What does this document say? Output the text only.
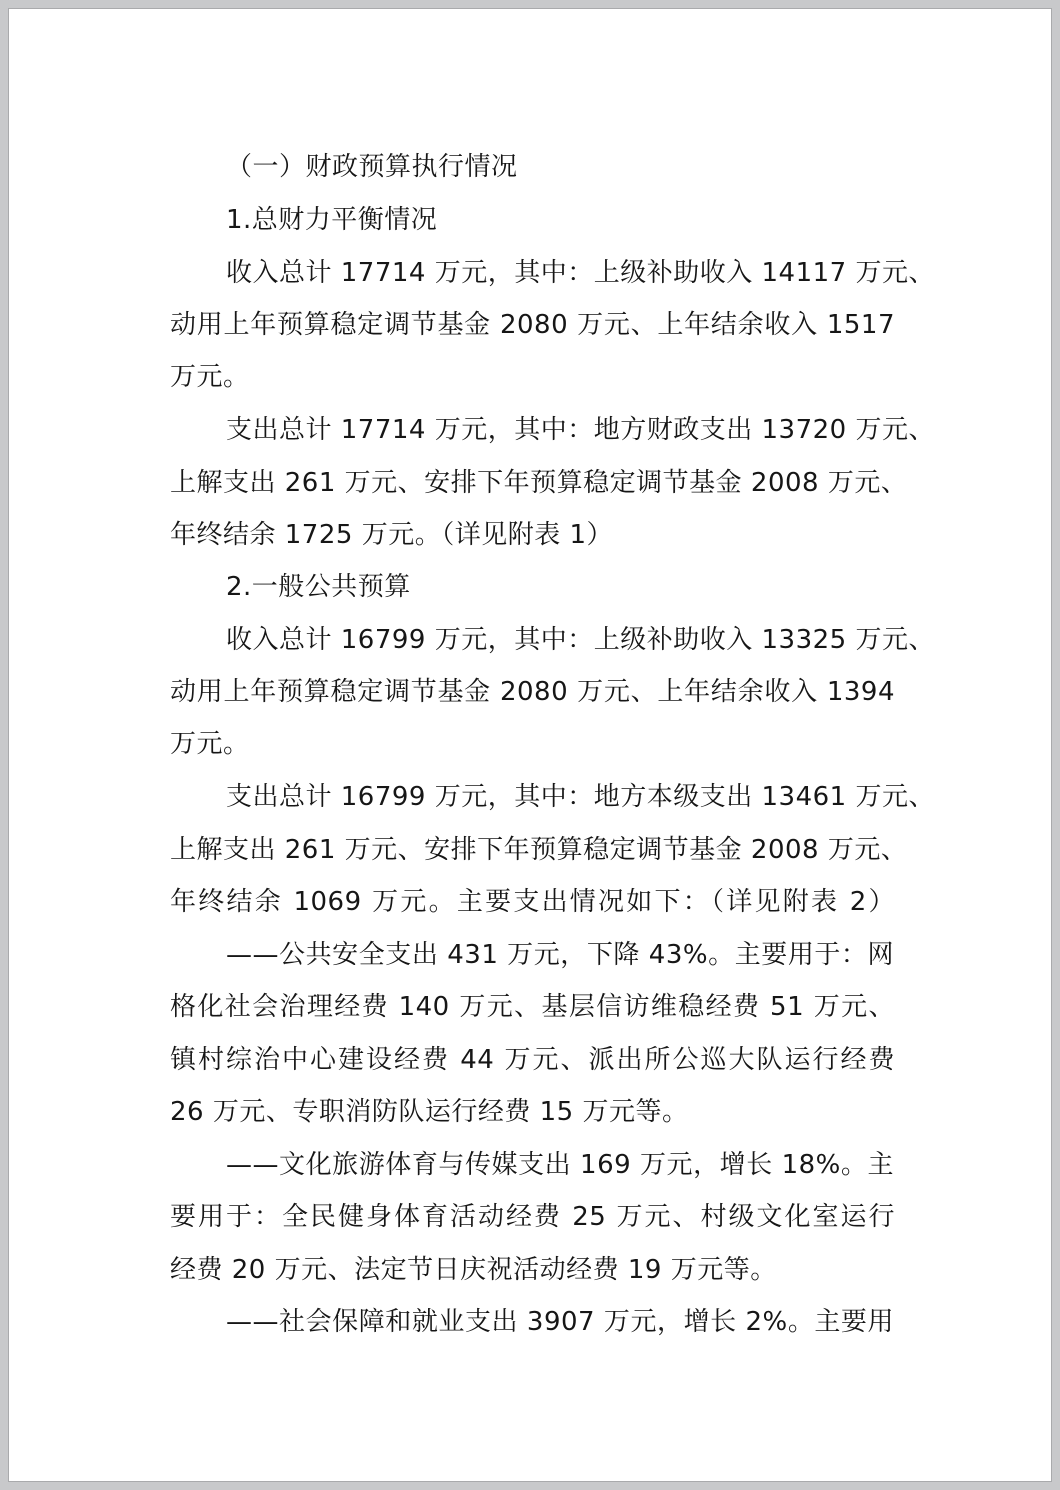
（一）财政预算执行情况
1.总财力平衡情况
收入总计 17714 万元，其中：上级补助收入 14117 万元、
动用上年预算稳定调节基金 2080 万元、上年结余收入 1517
万元。
支出总计 17714 万元，其中：地方财政支出 13720 万元、
上解支出 261 万元、安排下年预算稳定调节基金 2008 万元、
年终结余 1725 万元。（详见附表 1）
2.一般公共预算
收入总计 16799 万元，其中：上级补助收入 13325 万元、
动用上年预算稳定调节基金 2080 万元、上年结余收入 1394
万元。
支出总计 16799 万元，其中：地方本级支出 13461 万元、
上解支出 261 万元、安排下年预算稳定调节基金 2008 万元、
年终结余 1069 万元。主要支出情况如下：（详见附表 2）
——公共安全支出 431 万元，下降 43%。主要用于：网
格化社会治理经费 140 万元、基层信访维稳经费 51 万元、
镇村综治中心建设经费 44 万元、派出所公巡大队运行经费
26 万元、专职消防队运行经费 15 万元等。
——文化旅游体育与传媒支出 169 万元，增长 18%。主
要用于：全民健身体育活动经费 25 万元、村级文化室运行
经费 20 万元、法定节日庆祝活动经费 19 万元等。
——社会保障和就业支出 3907 万元，增长 2%。主要用
